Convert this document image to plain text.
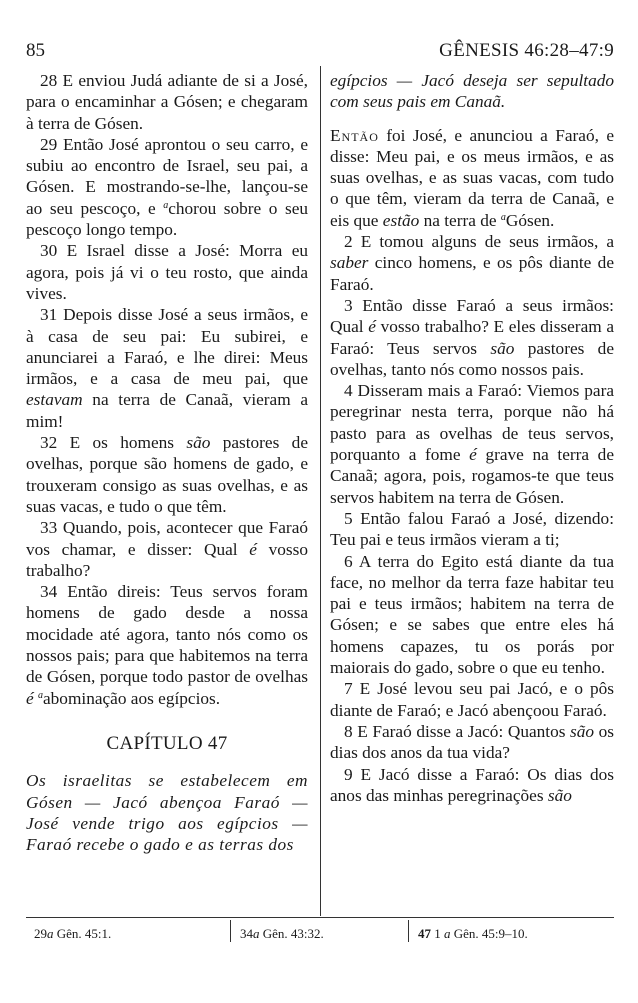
85	GÊNESIS 46:28–47:9

28 E enviou Judá adiante de si a José, para o encaminhar a Gósen; e chegaram à terra de Gósen.

29 Então José aprontou o seu carro, e subiu ao encontro de Israel, seu pai, a Gósen. E mostrando-se-lhe, lançou-se ao seu pescoço, e $^a$chorou sobre o seu pescoço longo tempo.

30 E Israel disse a José: Morra eu agora, pois já vi o teu rosto, que ainda vives.

31 Depois disse José a seus irmãos, e à casa de seu pai: Eu subirei, e anunciarei a Faraó, e lhe direi: Meus irmãos, e a casa de meu pai, que estavam na terra de Canaã, vieram a mim!

32 E os homens são pastores de ovelhas, porque são homens de gado, e trouxeram consigo as suas ovelhas, e as suas vacas, e tudo o que têm.

33 Quando, pois, acontecer que Faraó vos chamar, e disser: Qual é vosso trabalho?

34 Então direis: Teus servos foram homens de gado desde a nossa mocidade até agora, tanto nós como os nossos pais; para que habitemos na terra de Gósen, porque todo pastor de ovelhas é $^a$abominação aos egípcios.

CAPÍTULO 47

Os israelitas se estabelecem em Gósen — Jacó abençoa Faraó — José vende trigo aos egípcios — Faraó recebe o gado e as terras dos

egípcios — Jacó deseja ser sepultado com seus pais em Canaã.

Então foi José, e anunciou a Faraó, e disse: Meu pai, e os meus irmãos, e as suas ovelhas, e as suas vacas, com tudo o que têm, vieram da terra de Canaã, e eis que estão na terra de $^a$Gósen.

2 E tomou alguns de seus irmãos, a saber cinco homens, e os pôs diante de Faraó.

3 Então disse Faraó a seus irmãos: Qual é vosso trabalho? E eles disseram a Faraó: Teus servos são pastores de ovelhas, tanto nós como nossos pais.

4 Disseram mais a Faraó: Viemos para peregrinar nesta terra, porque não há pasto para as ovelhas de teus servos, porquanto a fome é grave na terra de Canaã; agora, pois, rogamos-te que teus servos habitem na terra de Gósen.

5 Então falou Faraó a José, dizendo: Teu pai e teus irmãos vieram a ti;

6 A terra do Egito está diante da tua face, no melhor da terra faze habitar teu pai e teus irmãos; habitem na terra de Gósen; e se sabes que entre eles há homens capazes, tu os porás por maiorais do gado, sobre o que eu tenho.

7 E José levou seu pai Jacó, e o pôs diante de Faraó; e Jacó abençoou Faraó.

8 E Faraó disse a Jacó: Quantos são os dias dos anos da tua vida?

9 E Jacó disse a Faraó: Os dias dos anos das minhas peregrinações são

29a Gên. 45:1.	34a Gên. 43:32.	47 1 a Gên. 45:9–10.
